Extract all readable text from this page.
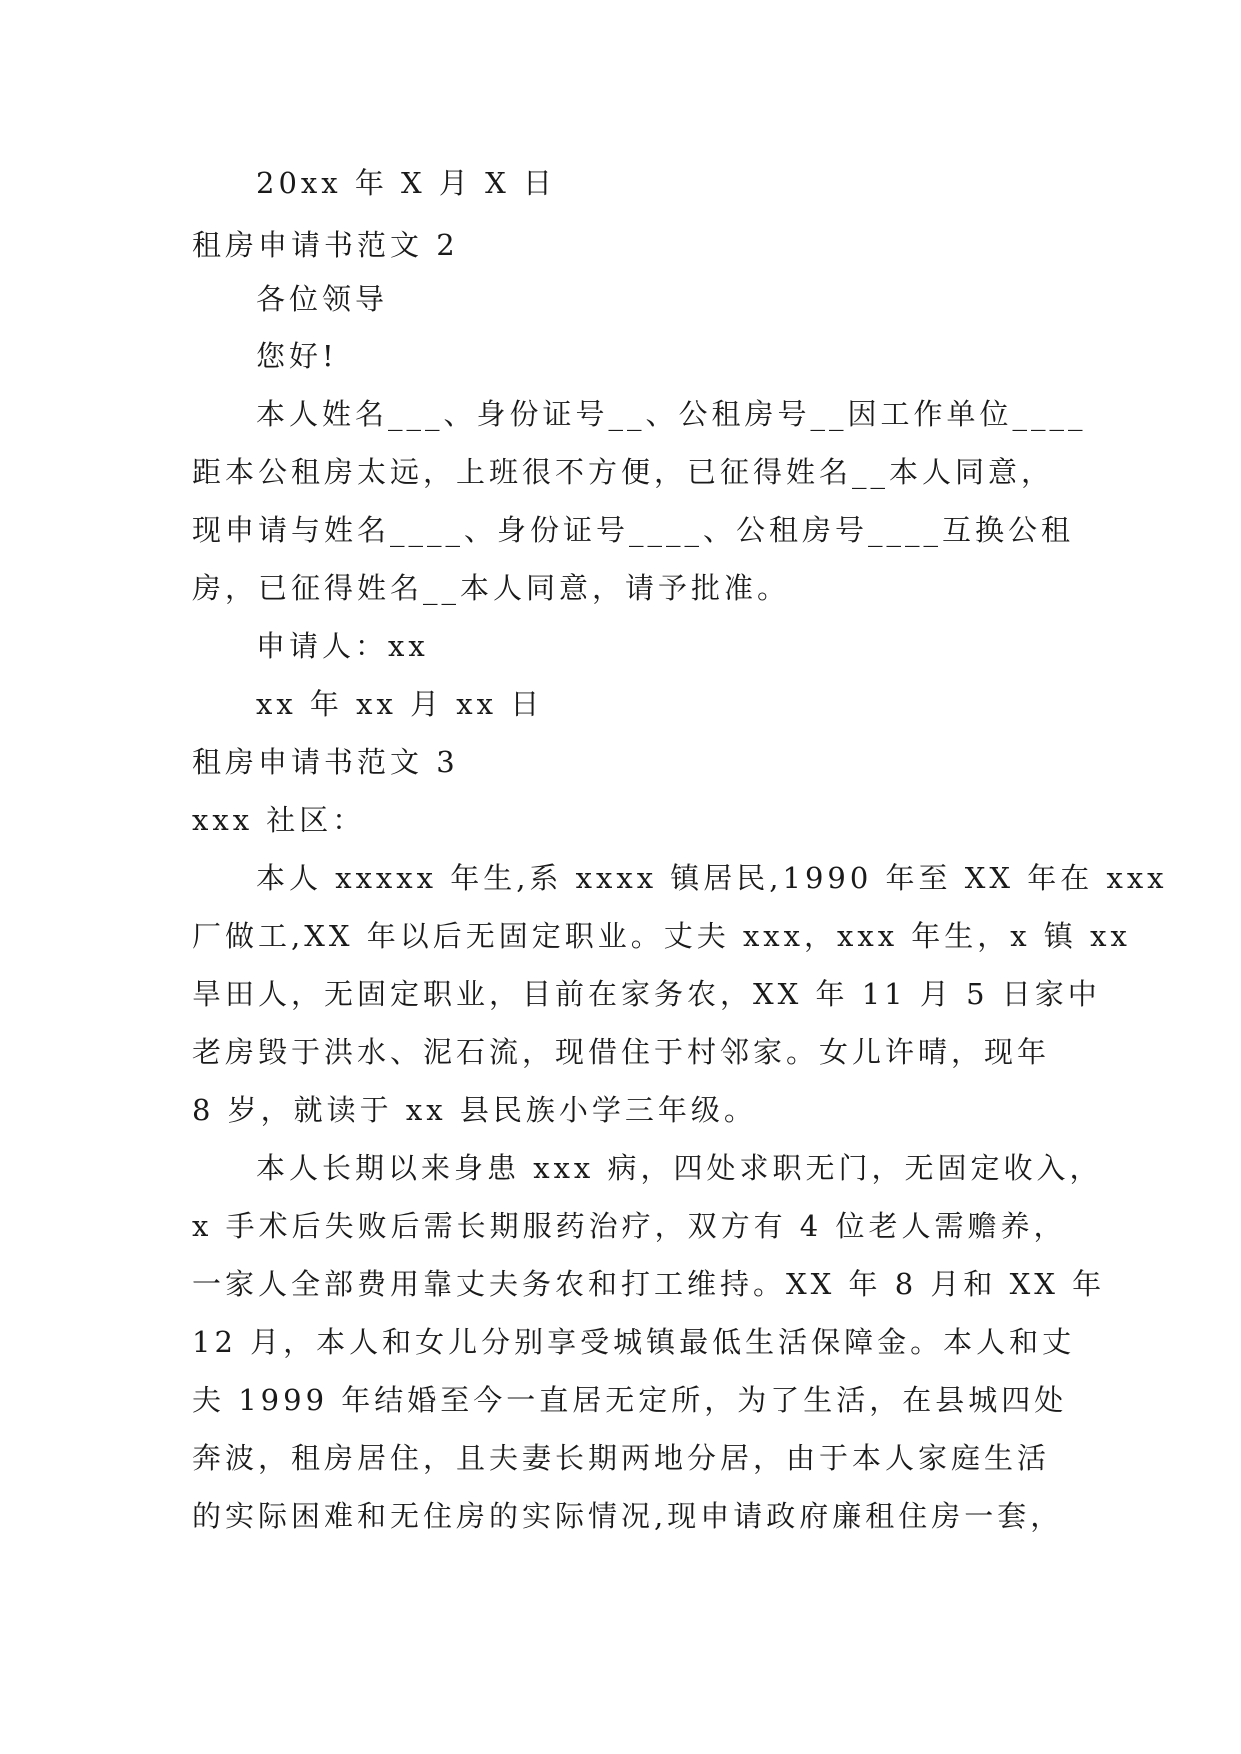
20xx 年 X 月 X 日
租房申请书范文 2
各位领导
您好!
本人姓名___、身份证号__、公租房号__因工作单位____
距本公租房太远，上班很不方便，已征得姓名__本人同意，
现申请与姓名____、身份证号____、公租房号____互换公租
房，已征得姓名__本人同意，请予批准。
申请人：xx
xx 年 xx 月 xx 日
租房申请书范文 3
xxx 社区：
本人 xxxxx 年生,系 xxxx 镇居民,1990 年至 XX 年在 xxx
厂做工,XX 年以后无固定职业。丈夫 xxx，xxx 年生，x 镇 xx
旱田人，无固定职业，目前在家务农，XX 年 11 月 5 日家中
老房毁于洪水、泥石流，现借住于村邻家。女儿许晴，现年
8 岁，就读于 xx 县民族小学三年级。
本人长期以来身患 xxx 病，四处求职无门，无固定收入，
x 手术后失败后需长期服药治疗，双方有 4 位老人需赡养，
一家人全部费用靠丈夫务农和打工维持。XX 年 8 月和 XX 年
12 月，本人和女儿分别享受城镇最低生活保障金。本人和丈
夫 1999 年结婚至今一直居无定所，为了生活，在县城四处
奔波，租房居住，且夫妻长期两地分居，由于本人家庭生活
的实际困难和无住房的实际情况,现申请政府廉租住房一套，
